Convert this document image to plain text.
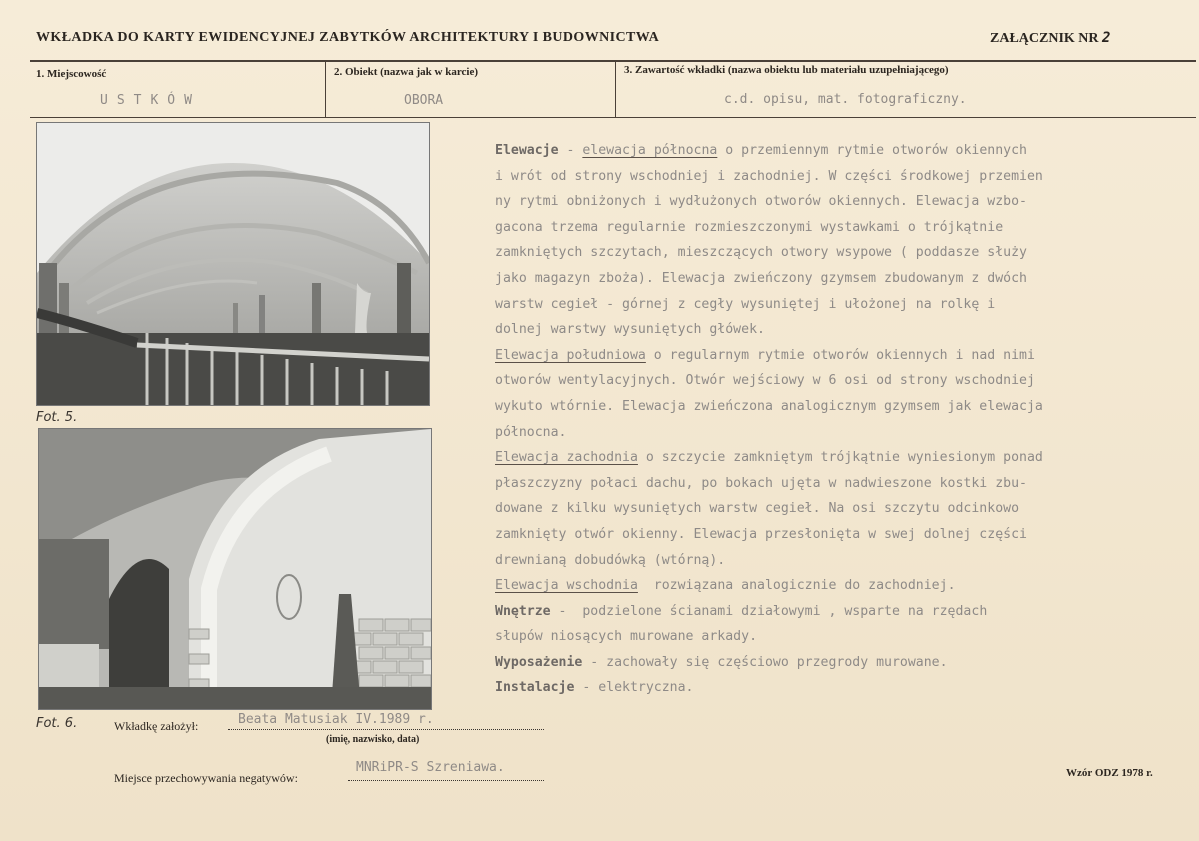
WKŁADKA DO KARTY EWIDENCYJNEJ ZABYTKÓW ARCHITEKTURY I BUDOWNICTWA	ZAŁĄCZNIK NR 2
1. Miejscowość
USTKÓW
2. Obiekt (nazwa jak w karcie)
OBORA
3. Zawartość wkładki (nazwa obiektu lub materiału uzupełniającego)
c.d. opisu, mat. fotograficzny.
Fot. 5.
Fot. 6.
Elewacje - elewacja północna o przemiennym rytmie otworów okiennych
i wrót od strony wschodniej i zachodniej. W części środkowej przemien
ny rytmi obniżonych i wydłużonych otworów okiennych. Elewacja wzbo-
gacona trzema regularnie rozmieszczonymi wystawkami o trójkątnie
zamkniętych szczytach, mieszczących otwory wsypowe ( poddasze służy
jako magazyn zboża). Elewacja zwieńczony gzymsem zbudowanym z dwóch
warstw cegieł - górnej z cegły wysuniętej i ułożonej na rolkę i
dolnej warstwy wysuniętych główek.
Elewacja południowa o regularnym rytmie otworów okiennych i nad nimi
otworów wentylacyjnych. Otwór wejściowy w 6 osi od strony wschodniej
wykuto wtórnie. Elewacja zwieńczona analogicznym gzymsem jak elewacja
północna.
Elewacja zachodnia o szczycie zamkniętym trójkątnie wyniesionym ponad
płaszczyzny połaci dachu, po bokach ujęta w nadwieszone kostki zbu-
dowane z kilku wysuniętych warstw cegieł. Na osi szczytu odcinkowo
zamknięty otwór okienny. Elewacja przesłonięta w swej dolnej części
drewnianą dobudówką (wtórną).
Elewacja wschodnia  rozwiązana analogicznie do zachodniej.
Wnętrze -  podzielone ścianami działowymi , wsparte na rzędach
słupów niosących murowane arkady.
Wyposażenie - zachowały się częściowo przegrody murowane.
Instalacje - elektryczna.
Wkładkę założył:	Beata Matusiak IV.1989 r.
(imię, nazwisko, data)
Miejsce przechowywania negatywów:
MNRiPR-S Szreniawa.	Wzór ODZ 1978 r.
